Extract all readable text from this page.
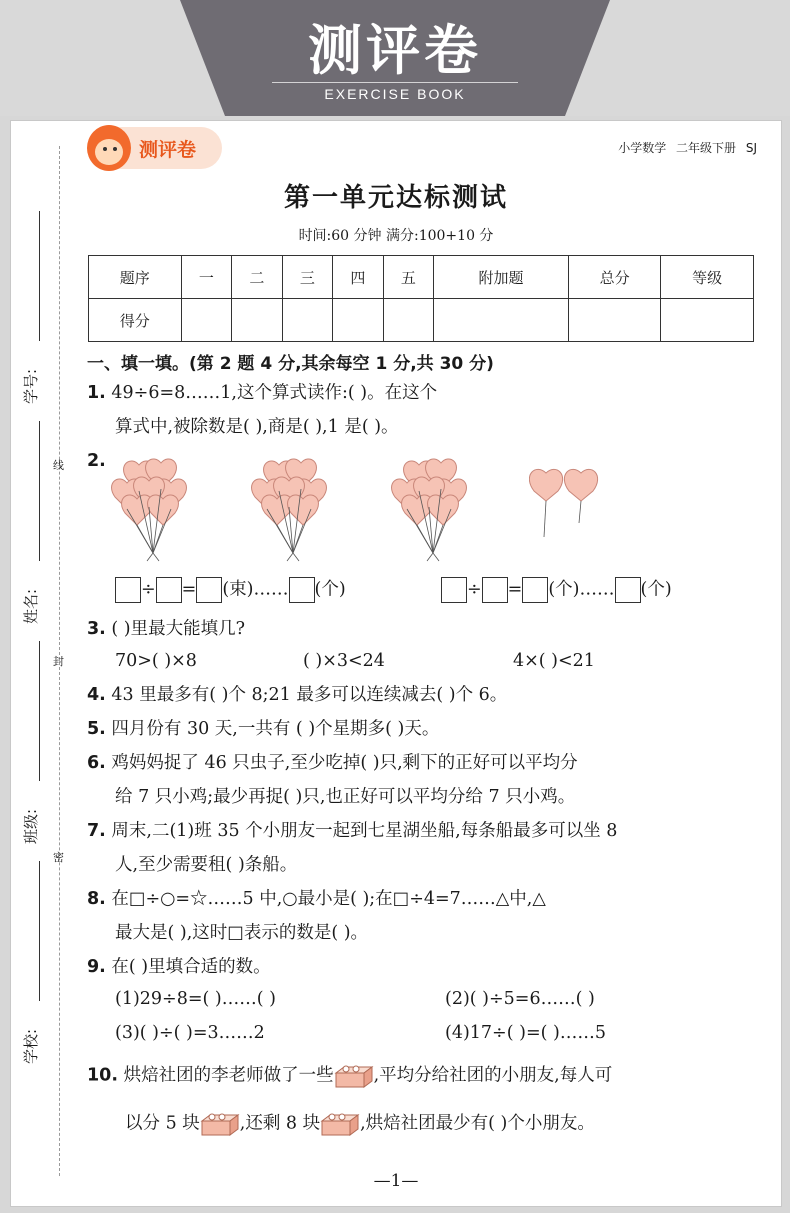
测评卷
EXERCISE BOOK
学号:
姓名:
班级:
学校:
线
封
密
测评卷	小学数学 二年级下册 SJ
第一单元达标测试
时间:60 分钟 满分:100+10 分
题序	一	二	三	四	五	附加题	总分	等级
得分								
一、填一填。(第 2 题 4 分,其余每空 1 分,共 30 分)
1. 49÷6=8……1,这个算式读作:( )。在这个
算式中,被除数是( ),商是( ),1 是( )。
2.
÷ = (束)…… (个)	÷ = (个)…… (个)
3. ( )里最大能填几?
70>( )×8	( )×3<24	4×( )<21
4. 43 里最多有( )个 8;21 最多可以连续减去( )个 6。
5. 四月份有 30 天,一共有 ( )个星期多( )天。
6. 鸡妈妈捉了 46 只虫子,至少吃掉( )只,剩下的正好可以平均分
给 7 只小鸡;最少再捉( )只,也正好可以平均分给 7 只小鸡。
7. 周末,二(1)班 35 个小朋友一起到七星湖坐船,每条船最多可以坐 8
人,至少需要租( )条船。
8. 在□÷○=☆……5 中,○最小是( );在□÷4=7……△中,△
最大是( ),这时□表示的数是( )。
9. 在( )里填合适的数。
(1)29÷8=( )……( )	(2)( )÷5=6……( )
(3)( )÷( )=3……2	(4)17÷( )=( )……5
10. 烘焙社团的李老师做了一些 ,平均分给社团的小朋友,每人可
以分 5 块 ,还剩 8 块 ,烘焙社团最少有( )个小朋友。
—1—
